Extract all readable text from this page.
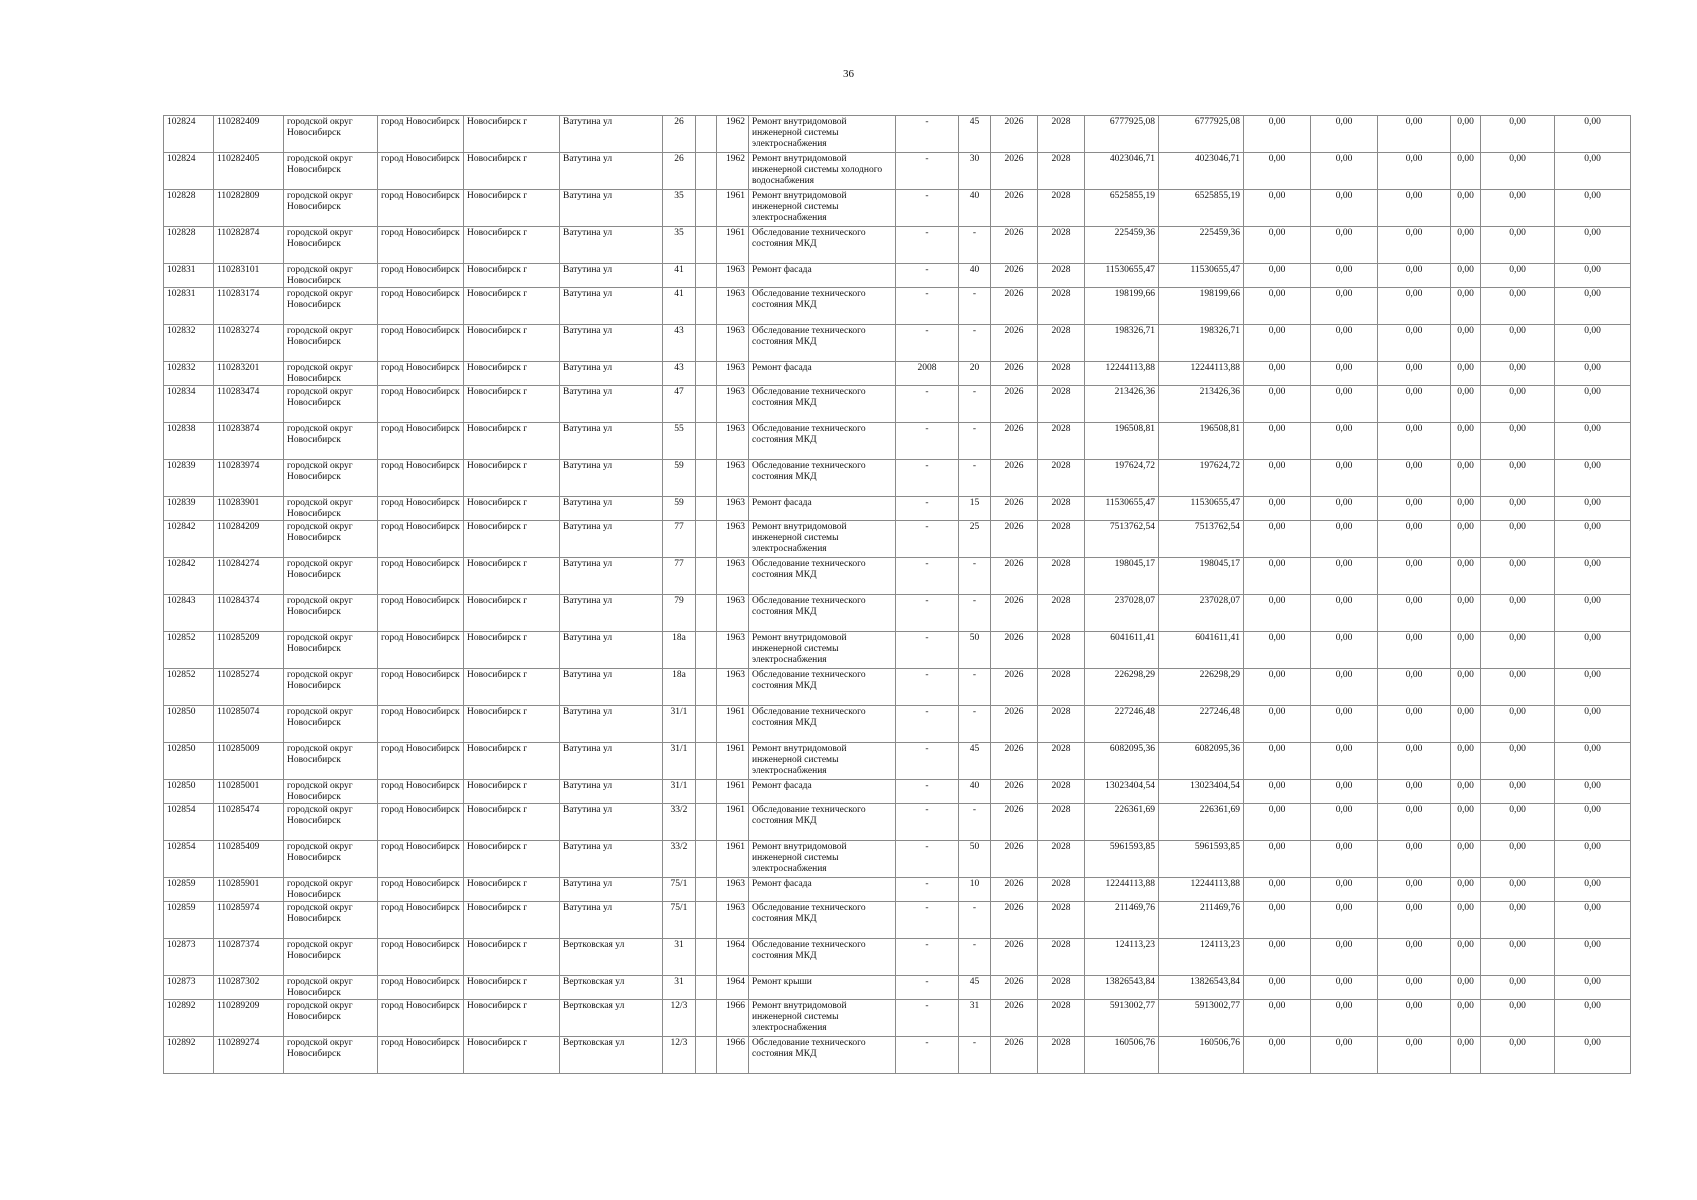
36
102824	110282409	городской округ Новосибирск	город Новосибирск	Новосибирск г	Ватутина ул	26		1962	Ремонт внутридомовой инженерной системы электроснабжения	-	45	2026	2028	6777925,08	6777925,08	0,00	0,00	0,00	0,00	0,00	0,00
102824	110282405	городской округ Новосибирск	город Новосибирск	Новосибирск г	Ватутина ул	26		1962	Ремонт внутридомовой инженерной системы холодного водоснабжения	-	30	2026	2028	4023046,71	4023046,71	0,00	0,00	0,00	0,00	0,00	0,00
102828	110282809	городской округ Новосибирск	город Новосибирск	Новосибирск г	Ватутина ул	35		1961	Ремонт внутридомовой инженерной системы электроснабжения	-	40	2026	2028	6525855,19	6525855,19	0,00	0,00	0,00	0,00	0,00	0,00
102828	110282874	городской округ Новосибирск	город Новосибирск	Новосибирск г	Ватутина ул	35		1961	Обследование технического состояния МКД	-	-	2026	2028	225459,36	225459,36	0,00	0,00	0,00	0,00	0,00	0,00
102831	110283101	городской округ Новосибирск	город Новосибирск	Новосибирск г	Ватутина ул	41		1963	Ремонт фасада	-	40	2026	2028	11530655,47	11530655,47	0,00	0,00	0,00	0,00	0,00	0,00
102831	110283174	городской округ Новосибирск	город Новосибирск	Новосибирск г	Ватутина ул	41		1963	Обследование технического состояния МКД	-	-	2026	2028	198199,66	198199,66	0,00	0,00	0,00	0,00	0,00	0,00
102832	110283274	городской округ Новосибирск	город Новосибирск	Новосибирск г	Ватутина ул	43		1963	Обследование технического состояния МКД	-	-	2026	2028	198326,71	198326,71	0,00	0,00	0,00	0,00	0,00	0,00
102832	110283201	городской округ Новосибирск	город Новосибирск	Новосибирск г	Ватутина ул	43		1963	Ремонт фасада	2008	20	2026	2028	12244113,88	12244113,88	0,00	0,00	0,00	0,00	0,00	0,00
102834	110283474	городской округ Новосибирск	город Новосибирск	Новосибирск г	Ватутина ул	47		1963	Обследование технического состояния МКД	-	-	2026	2028	213426,36	213426,36	0,00	0,00	0,00	0,00	0,00	0,00
102838	110283874	городской округ Новосибирск	город Новосибирск	Новосибирск г	Ватутина ул	55		1963	Обследование технического состояния МКД	-	-	2026	2028	196508,81	196508,81	0,00	0,00	0,00	0,00	0,00	0,00
102839	110283974	городской округ Новосибирск	город Новосибирск	Новосибирск г	Ватутина ул	59		1963	Обследование технического состояния МКД	-	-	2026	2028	197624,72	197624,72	0,00	0,00	0,00	0,00	0,00	0,00
102839	110283901	городской округ Новосибирск	город Новосибирск	Новосибирск г	Ватутина ул	59		1963	Ремонт фасада	-	15	2026	2028	11530655,47	11530655,47	0,00	0,00	0,00	0,00	0,00	0,00
102842	110284209	городской округ Новосибирск	город Новосибирск	Новосибирск г	Ватутина ул	77		1963	Ремонт внутридомовой инженерной системы электроснабжения	-	25	2026	2028	7513762,54	7513762,54	0,00	0,00	0,00	0,00	0,00	0,00
102842	110284274	городской округ Новосибирск	город Новосибирск	Новосибирск г	Ватутина ул	77		1963	Обследование технического состояния МКД	-	-	2026	2028	198045,17	198045,17	0,00	0,00	0,00	0,00	0,00	0,00
102843	110284374	городской округ Новосибирск	город Новосибирск	Новосибирск г	Ватутина ул	79		1963	Обследование технического состояния МКД	-	-	2026	2028	237028,07	237028,07	0,00	0,00	0,00	0,00	0,00	0,00
102852	110285209	городской округ Новосибирск	город Новосибирск	Новосибирск г	Ватутина ул	18а		1963	Ремонт внутридомовой инженерной системы электроснабжения	-	50	2026	2028	6041611,41	6041611,41	0,00	0,00	0,00	0,00	0,00	0,00
102852	110285274	городской округ Новосибирск	город Новосибирск	Новосибирск г	Ватутина ул	18а		1963	Обследование технического состояния МКД	-	-	2026	2028	226298,29	226298,29	0,00	0,00	0,00	0,00	0,00	0,00
102850	110285074	городской округ Новосибирск	город Новосибирск	Новосибирск г	Ватутина ул	31/1		1961	Обследование технического состояния МКД	-	-	2026	2028	227246,48	227246,48	0,00	0,00	0,00	0,00	0,00	0,00
102850	110285009	городской округ Новосибирск	город Новосибирск	Новосибирск г	Ватутина ул	31/1		1961	Ремонт внутридомовой инженерной системы электроснабжения	-	45	2026	2028	6082095,36	6082095,36	0,00	0,00	0,00	0,00	0,00	0,00
102850	110285001	городской округ Новосибирск	город Новосибирск	Новосибирск г	Ватутина ул	31/1		1961	Ремонт фасада	-	40	2026	2028	13023404,54	13023404,54	0,00	0,00	0,00	0,00	0,00	0,00
102854	110285474	городской округ Новосибирск	город Новосибирск	Новосибирск г	Ватутина ул	33/2		1961	Обследование технического состояния МКД	-	-	2026	2028	226361,69	226361,69	0,00	0,00	0,00	0,00	0,00	0,00
102854	110285409	городской округ Новосибирск	город Новосибирск	Новосибирск г	Ватутина ул	33/2		1961	Ремонт внутридомовой инженерной системы электроснабжения	-	50	2026	2028	5961593,85	5961593,85	0,00	0,00	0,00	0,00	0,00	0,00
102859	110285901	городской округ Новосибирск	город Новосибирск	Новосибирск г	Ватутина ул	75/1		1963	Ремонт фасада	-	10	2026	2028	12244113,88	12244113,88	0,00	0,00	0,00	0,00	0,00	0,00
102859	110285974	городской округ Новосибирск	город Новосибирск	Новосибирск г	Ватутина ул	75/1		1963	Обследование технического состояния МКД	-	-	2026	2028	211469,76	211469,76	0,00	0,00	0,00	0,00	0,00	0,00
102873	110287374	городской округ Новосибирск	город Новосибирск	Новосибирск г	Вертковская ул	31		1964	Обследование технического состояния МКД	-	-	2026	2028	124113,23	124113,23	0,00	0,00	0,00	0,00	0,00	0,00
102873	110287302	городской округ Новосибирск	город Новосибирск	Новосибирск г	Вертковская ул	31		1964	Ремонт крыши	-	45	2026	2028	13826543,84	13826543,84	0,00	0,00	0,00	0,00	0,00	0,00
102892	110289209	городской округ Новосибирск	город Новосибирск	Новосибирск г	Вертковская ул	12/3		1966	Ремонт внутридомовой инженерной системы электроснабжения	-	31	2026	2028	5913002,77	5913002,77	0,00	0,00	0,00	0,00	0,00	0,00
102892	110289274	городской округ Новосибирск	город Новосибирск	Новосибирск г	Вертковская ул	12/3		1966	Обследование технического состояния МКД	-	-	2026	2028	160506,76	160506,76	0,00	0,00	0,00	0,00	0,00	0,00
